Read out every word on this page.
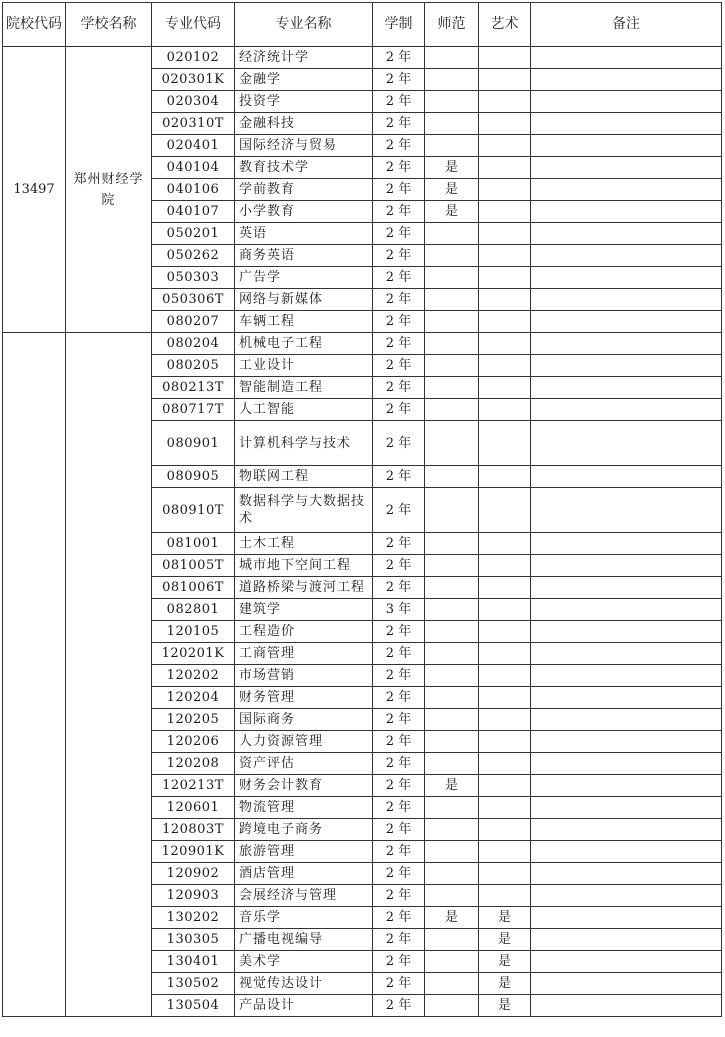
院校代码	学校名称	专业代码	专业名称	学制	师范	艺术	备注
13497	郑州财经学院	020102	经济统计学	2 年			
		020301K	金融学	2 年			
		020304	投资学	2 年			
		020310T	金融科技	2 年			
		020401	国际经济与贸易	2 年			
		040104	教育技术学	2 年	是		
		040106	学前教育	2 年	是		
		040107	小学教育	2 年	是		
		050201	英语	2 年			
		050262	商务英语	2 年			
		050303	广告学	2 年			
		050306T	网络与新媒体	2 年			
		080207	车辆工程	2 年			
		080204	机械电子工程	2 年			
		080205	工业设计	2 年			
		080213T	智能制造工程	2 年			
		080717T	人工智能	2 年			
		080901	计算机科学与技术	2 年			
		080905	物联网工程	2 年			
		080910T	数据科学与大数据技术	2 年			
		081001	土木工程	2 年			
		081005T	城市地下空间工程	2 年			
		081006T	道路桥梁与渡河工程	2 年			
		082801	建筑学	3 年			
		120105	工程造价	2 年			
		120201K	工商管理	2 年			
		120202	市场营销	2 年			
		120204	财务管理	2 年			
		120205	国际商务	2 年			
		120206	人力资源管理	2 年			
		120208	资产评估	2 年			
		120213T	财务会计教育	2 年	是		
		120601	物流管理	2 年			
		120803T	跨境电子商务	2 年			
		120901K	旅游管理	2 年			
		120902	酒店管理	2 年			
		120903	会展经济与管理	2 年			
		130202	音乐学	2 年	是	是	
		130305	广播电视编导	2 年		是	
		130401	美术学	2 年		是	
		130502	视觉传达设计	2 年		是	
		130504	产品设计	2 年		是	
